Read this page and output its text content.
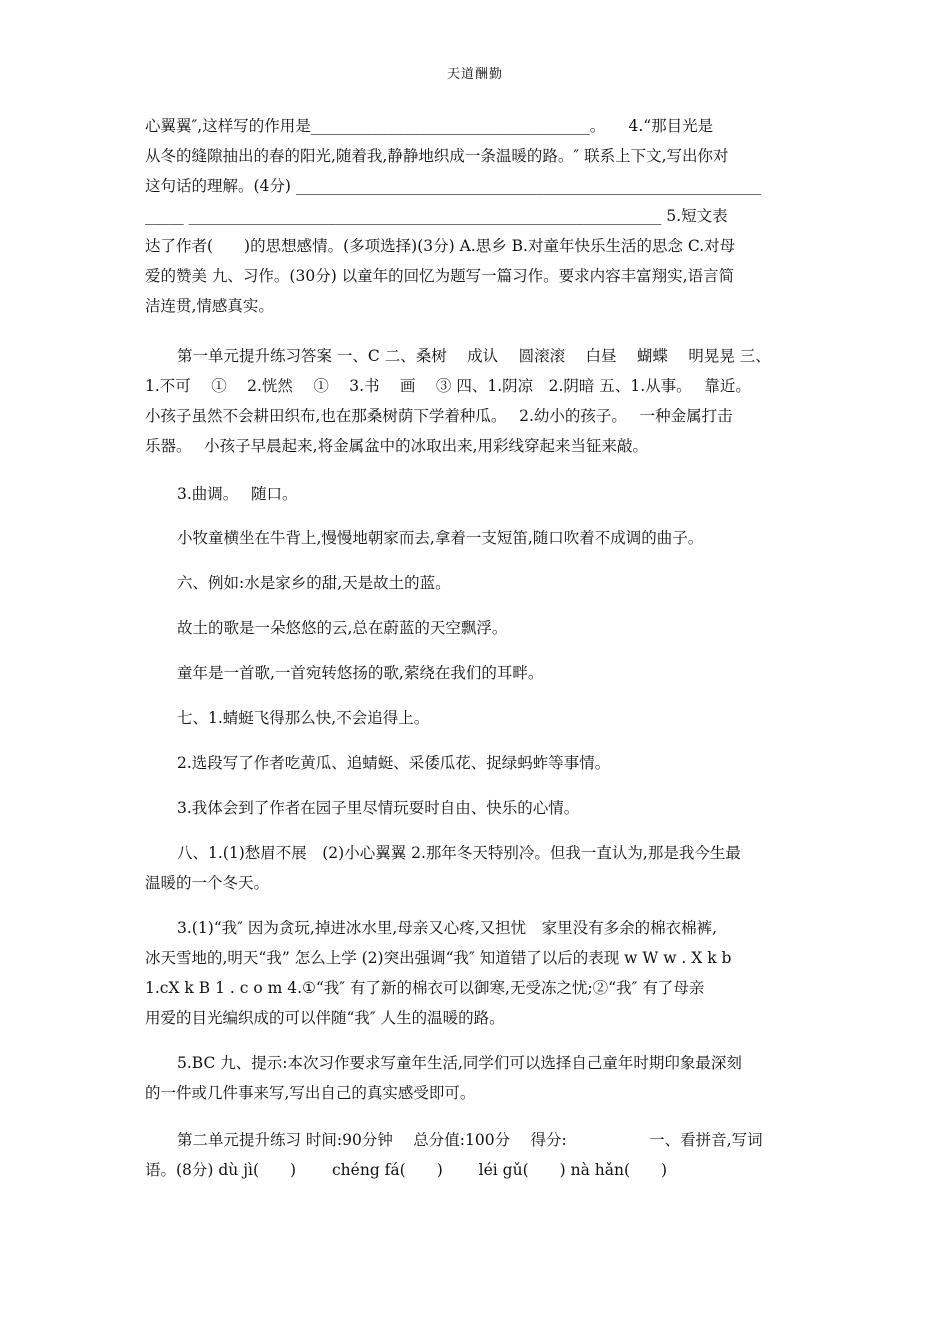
天道酬勤
心翼翼″,这样写的作用是____________________________________。　　4.“那目光是
从冬的缝隙抽出的春的阳光,随着我,静静地织成一条温暖的路。″ 联系上下文,写出你对
这句话的理解。(4分) ____________________________________________________________
_____ _____________________________________________________________ 5.短文表
达了作者(　　)的思想感情。(多项选择)(3分) A.思乡 B.对童年快乐生活的思念 C.对母
爱的赞美 九、习作。(30分) 以童年的回忆为题写一篇习作。要求内容丰富翔实,语言简
洁连贯,情感真实。
第一单元提升练习答案 一、C 二、桑树　 成认　 圆滚滚　 白昼　 蝴蝶　 明晃晃 三、
1.不可　 ①　 2.恍然　 ①　 3.书　 画　 ③ 四、1.阴凉　2.阴暗 五、1.从事。　 靠近。
小孩子虽然不会耕田织布,也在那桑树荫下学着种瓜。　 2.幼小的孩子。　 一种金属打击
乐器。　 小孩子早晨起来,将金属盆中的冰取出来,用彩线穿起来当钲来敲。

3.曲调。　 随口。

小牧童横坐在牛背上,慢慢地朝家而去,拿着一支短笛,随口吹着不成调的曲子。

六、例如:水是家乡的甜,天是故土的蓝。

故土的歌是一朵悠悠的云,总在蔚蓝的天空飘浮。

童年是一首歌,一首宛转悠扬的歌,萦绕在我们的耳畔。

七、1.蜻蜓飞得那么快,不会追得上。

2.选段写了作者吃黄瓜、追蜻蜓、采倭瓜花、捉绿蚂蚱等事情。

3.我体会到了作者在园子里尽情玩耍时自由、快乐的心情。

八、1.(1)愁眉不展　(2)小心翼翼 2.那年冬天特别冷。但我一直认为,那是我今生最
温暖的一个冬天。
3.(1)“我″ 因为贪玩,掉进冰水里,母亲又心疼,又担忧　家里没有多余的棉衣棉裤,
冰天雪地的,明天“我” 怎么上学 (2)突出强调“我″ 知道错了以后的表现 w W w . X k b
1.cX k B 1 . c o m 4.①“我″ 有了新的棉衣可以御寒,无受冻之忧;②“我″ 有了母亲
用爱的目光编织成的可以伴随“我″ 人生的温暖的路。
5.BC 九、提示:本次习作要求写童年生活,同学们可以选择自己童年时期印象最深刻
的一件或几件事来写,写出自己的真实感受即可。
第二单元提升练习 时间:90分钟　 总分值:100分　 得分:　　　　　 一、看拼音,写词
语。(8分) dù jì(　　)　　 chéng fá(　　)　　 léi gǔ(　　) nà hǎn(　　)
